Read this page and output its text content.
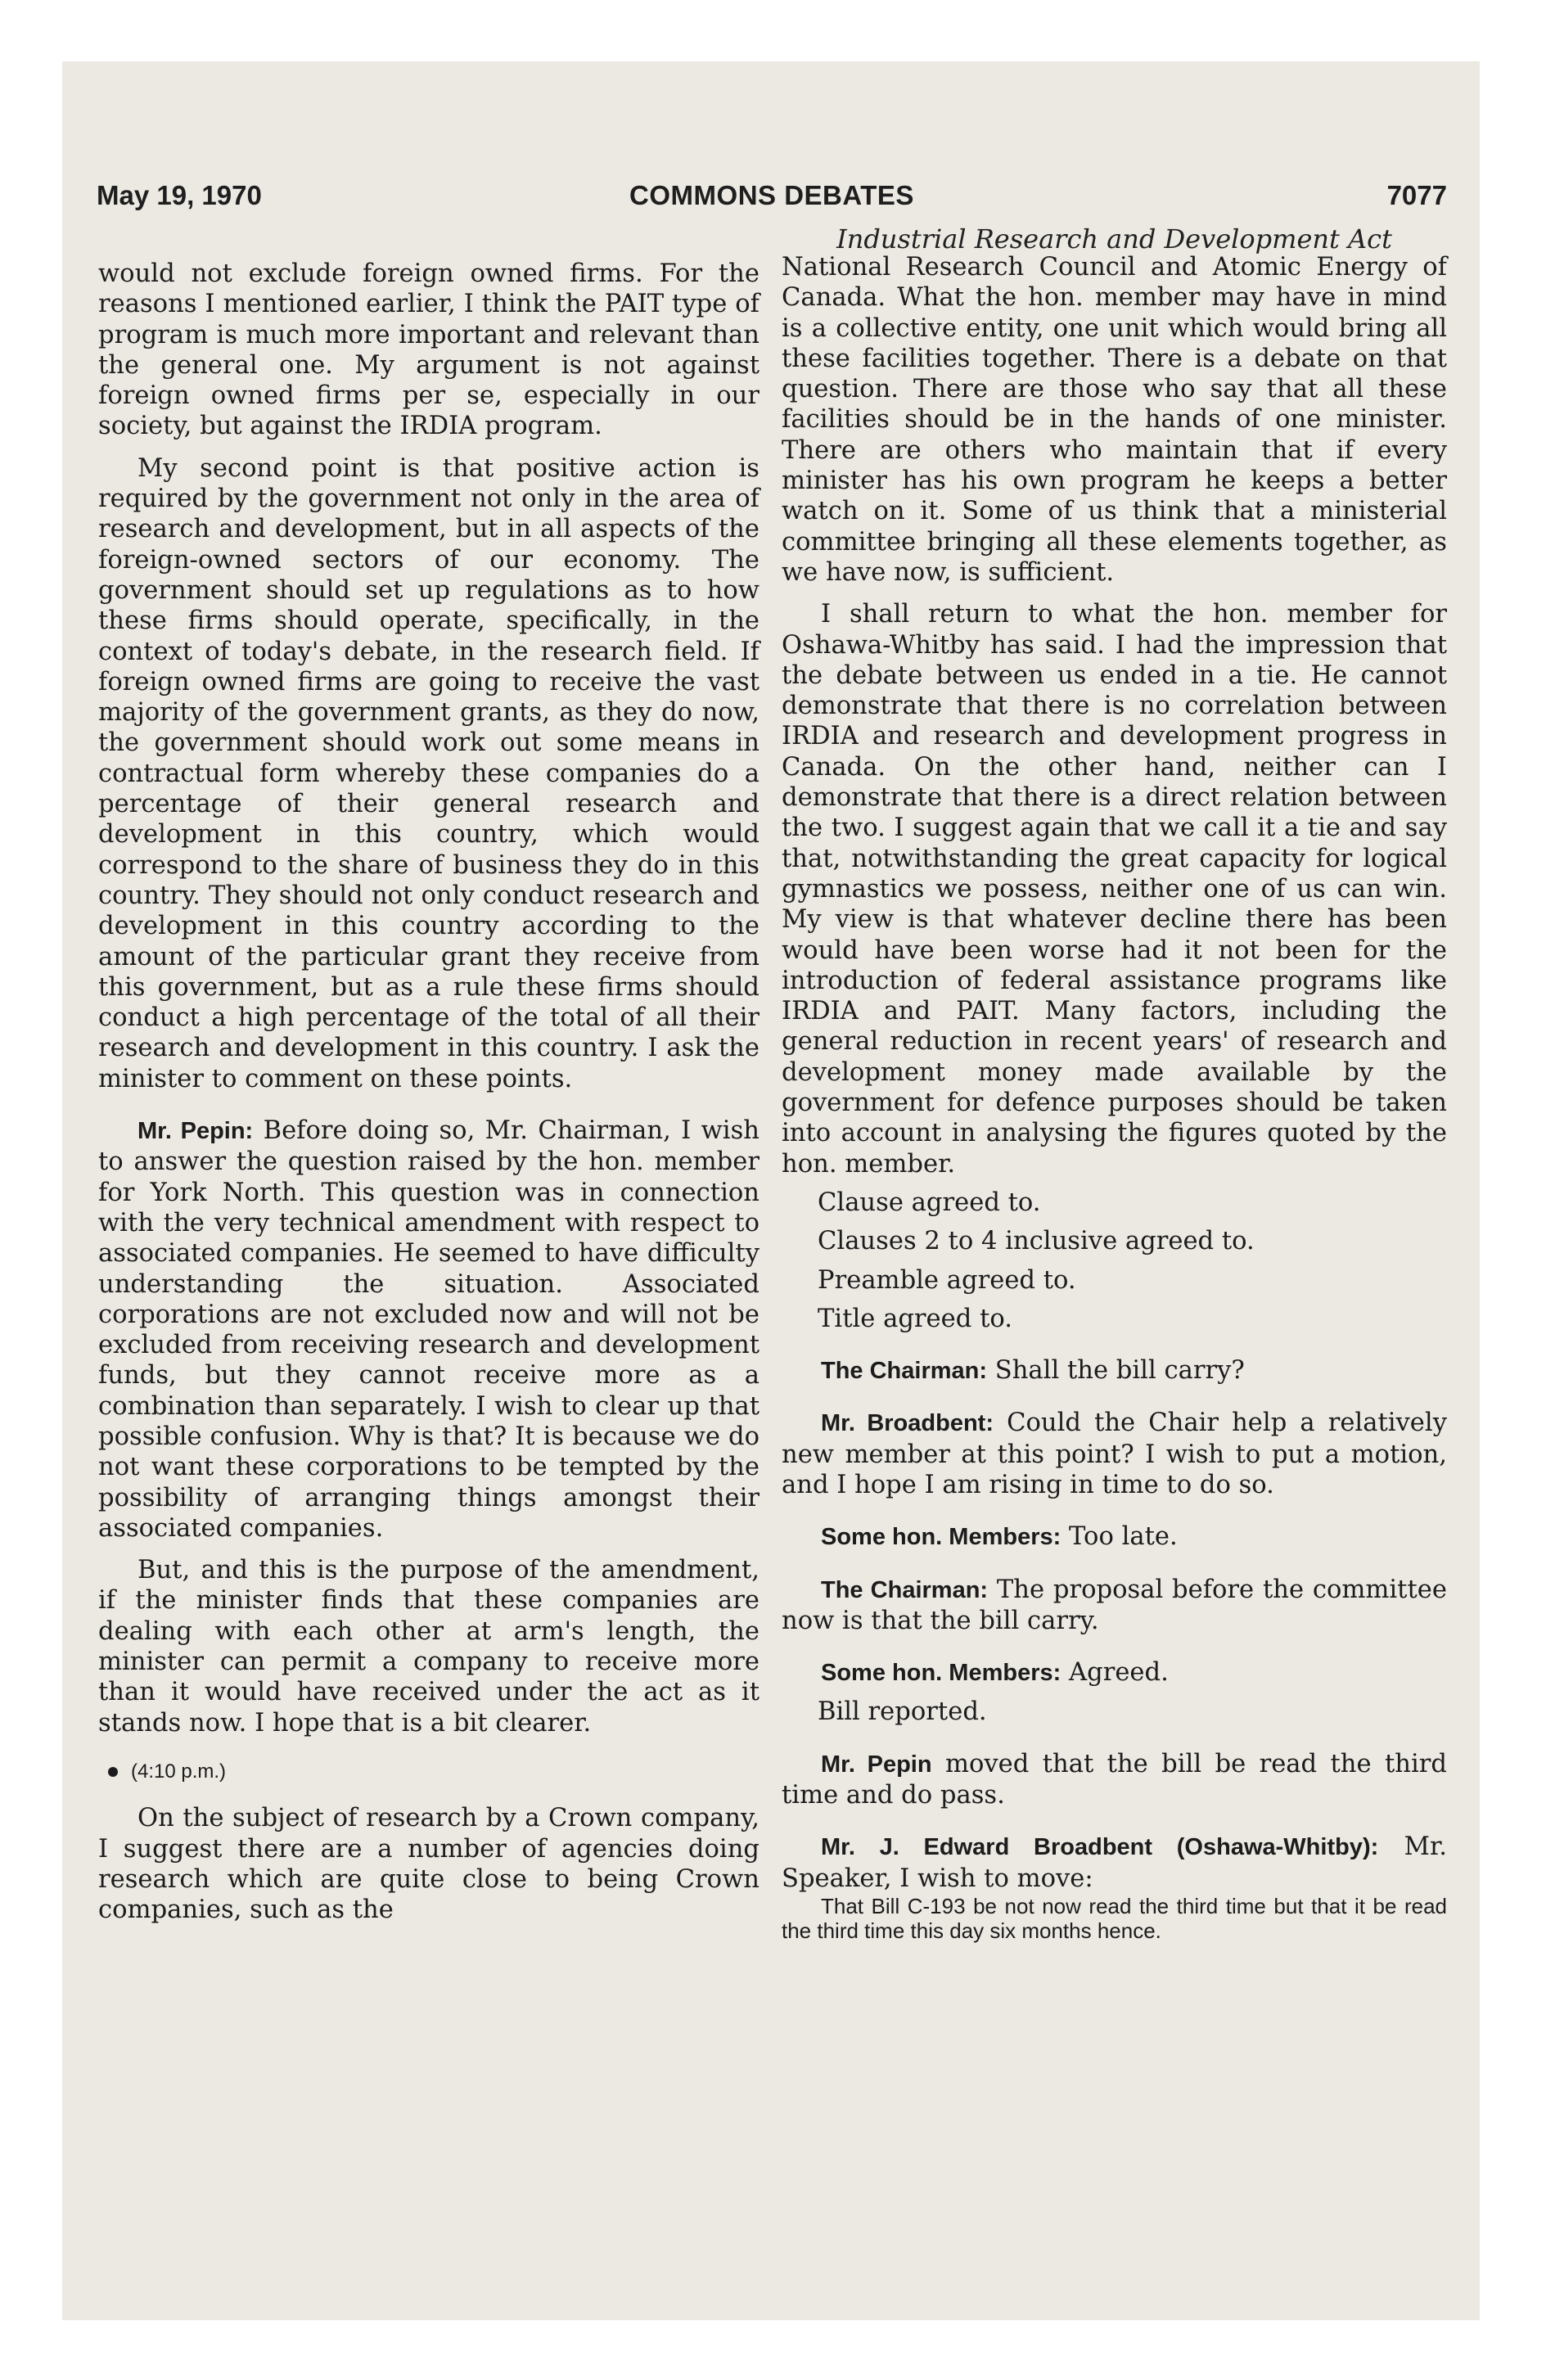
May 19, 1970	COMMONS DEBATES	7077
Industrial Research and Development Act

would not exclude foreign owned firms. For the reasons I mentioned earlier, I think the PAIT type of program is much more important and relevant than the general one. My argument is not against foreign owned firms per se, especially in our society, but against the IRDIA program.

My second point is that positive action is required by the government not only in the area of research and development, but in all aspects of the foreign-owned sectors of our economy. The government should set up regulations as to how these firms should operate, specifically, in the context of today's debate, in the research field. If foreign owned firms are going to receive the vast majority of the government grants, as they do now, the government should work out some means in contractual form whereby these companies do a percentage of their general research and development in this country, which would correspond to the share of business they do in this country. They should not only conduct research and development in this country according to the amount of the particular grant they receive from this government, but as a rule these firms should conduct a high percentage of the total of all their research and development in this country. I ask the minister to comment on these points.

Mr. Pepin: Before doing so, Mr. Chairman, I wish to answer the question raised by the hon. member for York North. This question was in connection with the very technical amendment with respect to associated companies. He seemed to have difficulty understanding the situation. Associated corporations are not excluded now and will not be excluded from receiving research and development funds, but they cannot receive more as a combination than separately. I wish to clear up that possible confusion. Why is that? It is because we do not want these corporations to be tempted by the possibility of arranging things amongst their associated companies.

But, and this is the purpose of the amendment, if the minister finds that these companies are dealing with each other at arm's length, the minister can permit a company to receive more than it would have received under the act as it stands now. I hope that is a bit clearer.

(4:10 p.m.)

On the subject of research by a Crown company, I suggest there are a number of agencies doing research which are quite close to being Crown companies, such as the

National Research Council and Atomic Energy of Canada. What the hon. member may have in mind is a collective entity, one unit which would bring all these facilities together. There is a debate on that question. There are those who say that all these facilities should be in the hands of one minister. There are others who maintain that if every minister has his own program he keeps a better watch on it. Some of us think that a ministerial committee bringing all these elements together, as we have now, is sufficient.

I shall return to what the hon. member for Oshawa-Whitby has said. I had the impression that the debate between us ended in a tie. He cannot demonstrate that there is no correlation between IRDIA and research and development progress in Canada. On the other hand, neither can I demonstrate that there is a direct relation between the two. I suggest again that we call it a tie and say that, notwithstanding the great capacity for logical gymnastics we possess, neither one of us can win. My view is that whatever decline there has been would have been worse had it not been for the introduction of federal assistance programs like IRDIA and PAIT. Many factors, including the general reduction in recent years' of research and development money made available by the government for defence purposes should be taken into account in analysing the figures quoted by the hon. member.

Clause agreed to.

Clauses 2 to 4 inclusive agreed to.

Preamble agreed to.

Title agreed to.

The Chairman: Shall the bill carry?

Mr. Broadbent: Could the Chair help a relatively new member at this point? I wish to put a motion, and I hope I am rising in time to do so.

Some hon. Members: Too late.

The Chairman: The proposal before the committee now is that the bill carry.

Some hon. Members: Agreed.

Bill reported.

Mr. Pepin moved that the bill be read the third time and do pass.

Mr. J. Edward Broadbent (Oshawa-Whitby): Mr. Speaker, I wish to move:

That Bill C-193 be not now read the third time but that it be read the third time this day six months hence.
